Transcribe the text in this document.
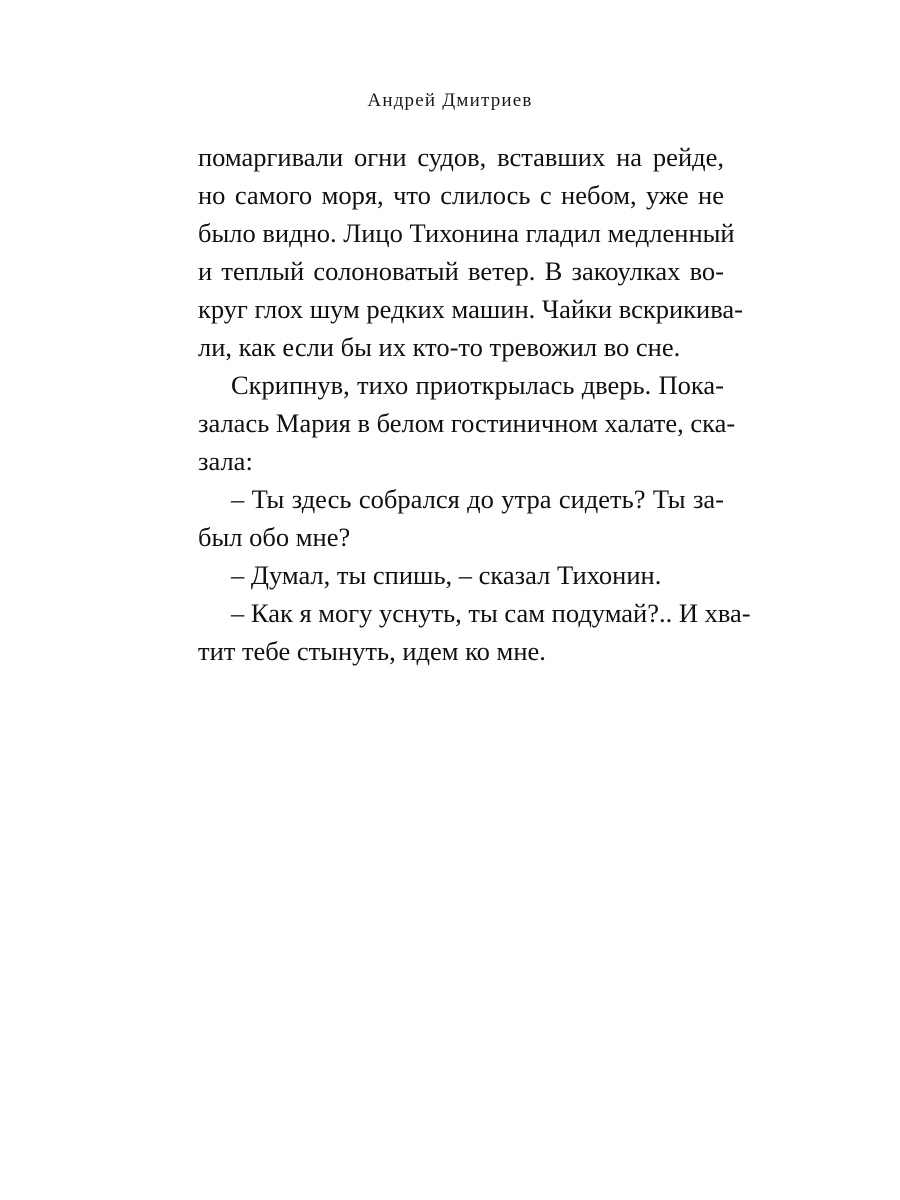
Андрей Дмитриев
помаргивали огни судов, вставших на рейде,
но самого моря, что слилось с небом, уже не
было видно. Лицо Тихонина гладил медленный
и теплый солоноватый ветер. В закоулках во-
круг глох шум редких машин. Чайки вскрикива-
ли, как если бы их кто-то тревожил во сне.
Скрипнув, тихо приоткрылась дверь. Пока-
залась Мария в белом гостиничном халате, ска-
зала:
– Ты здесь собрался до утра сидеть? Ты за-
был обо мне?
– Думал, ты спишь, – сказал Тихонин.
– Как я могу уснуть, ты сам подумай?.. И хва-
тит тебе стынуть, идем ко мне.
